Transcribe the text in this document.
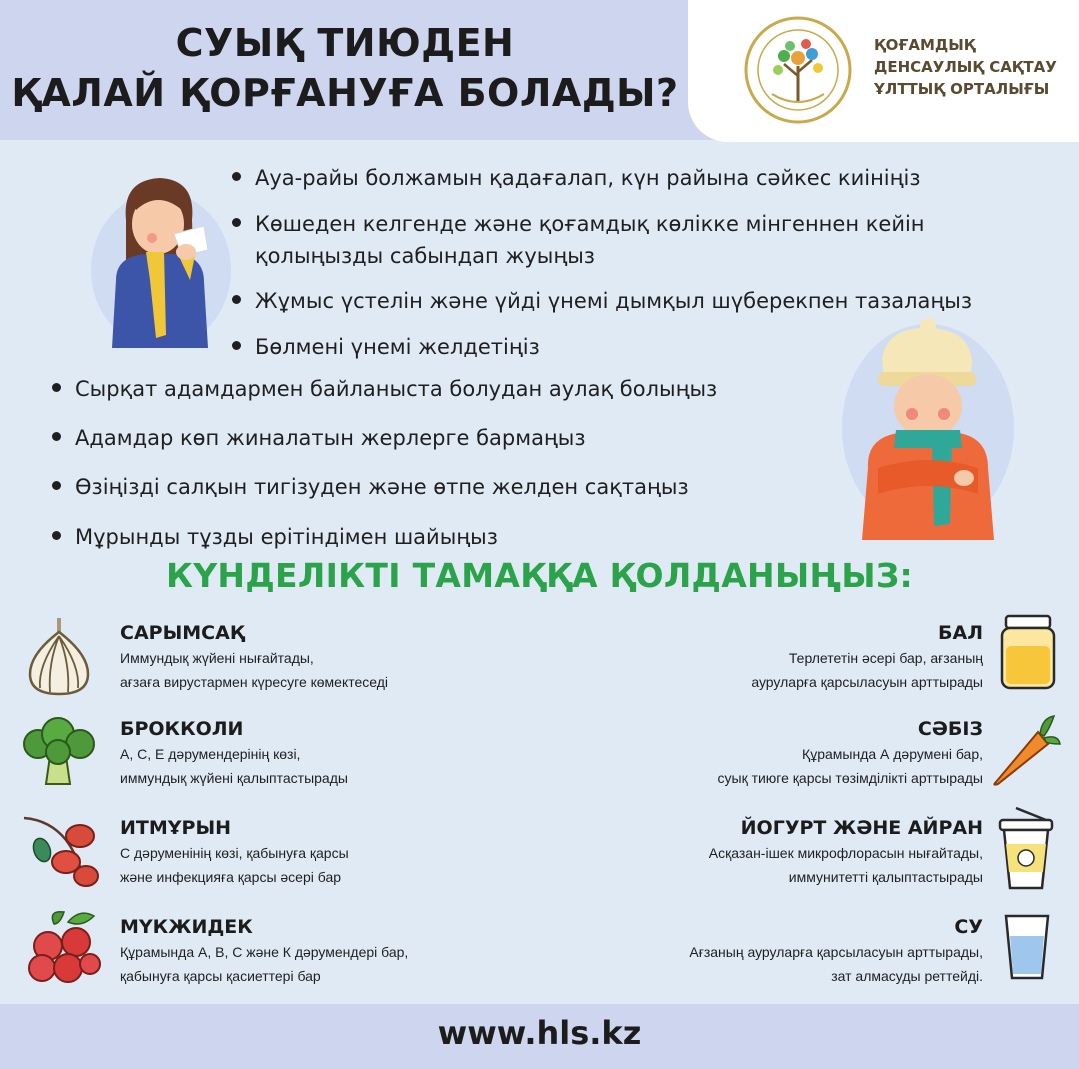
СУЫҚ ТИЮДЕН
ҚАЛАЙ ҚОРҒАНУҒА БОЛАДЫ?
ҚОҒАМДЫҚ
ДЕНСАУЛЫҚ САҚТАУ
ҰЛТТЫҚ ОРТАЛЫҒЫ
Ауа-райы болжамын қадағалап, күн райына сәйкес киініңіз
Көшеден келгенде және қоғамдық көлікке мінгеннен кейін
қолыңызды сабындап жуыңыз
Жұмыс үстелін және үйді үнемі дымқыл шүберекпен тазалаңыз
Бөлмені үнемі желдетіңіз
Сырқат адамдармен байланыста болудан аулақ болыңыз
Адамдар көп жиналатын жерлерге бармаңыз
Өзіңізді салқын тигізуден және өтпе желден сақтаңыз
Мұрынды тұзды ерітіндімен шайыңыз
КҮНДЕЛІКТІ ТАМАҚҚА ҚОЛДАНЫҢЫЗ:
САРЫМСАҚ
Иммундық жүйені нығайтады,
ағзаға вирустармен күресуге көмектеседі
БРОККОЛИ
А, С, Е дәрумендерінің көзі,
иммундық жүйені қалыптастырады
ИТМҰРЫН
С дәруменінің көзі, қабынуға қарсы
және инфекцияға қарсы әсері бар
МҮКЖИДЕК
Құрамында А, В, С және К дәрумендері бар,
қабынуға қарсы қасиеттері бар
БАЛ
Терлететін әсері бар, ағзаның
ауруларға қарсыласуын арттырады
СӘБІЗ
Құрамында А дәрумені бар,
суық тиюге қарсы төзімділікті арттырады
ЙОГУРТ ЖӘНЕ АЙРАН
Асқазан-ішек микрофлорасын нығайтады,
иммунитетті қалыптастырады
СУ
Ағзаның ауруларға қарсыласуын арттырады,
зат алмасуды реттейді.
www.hls.kz
